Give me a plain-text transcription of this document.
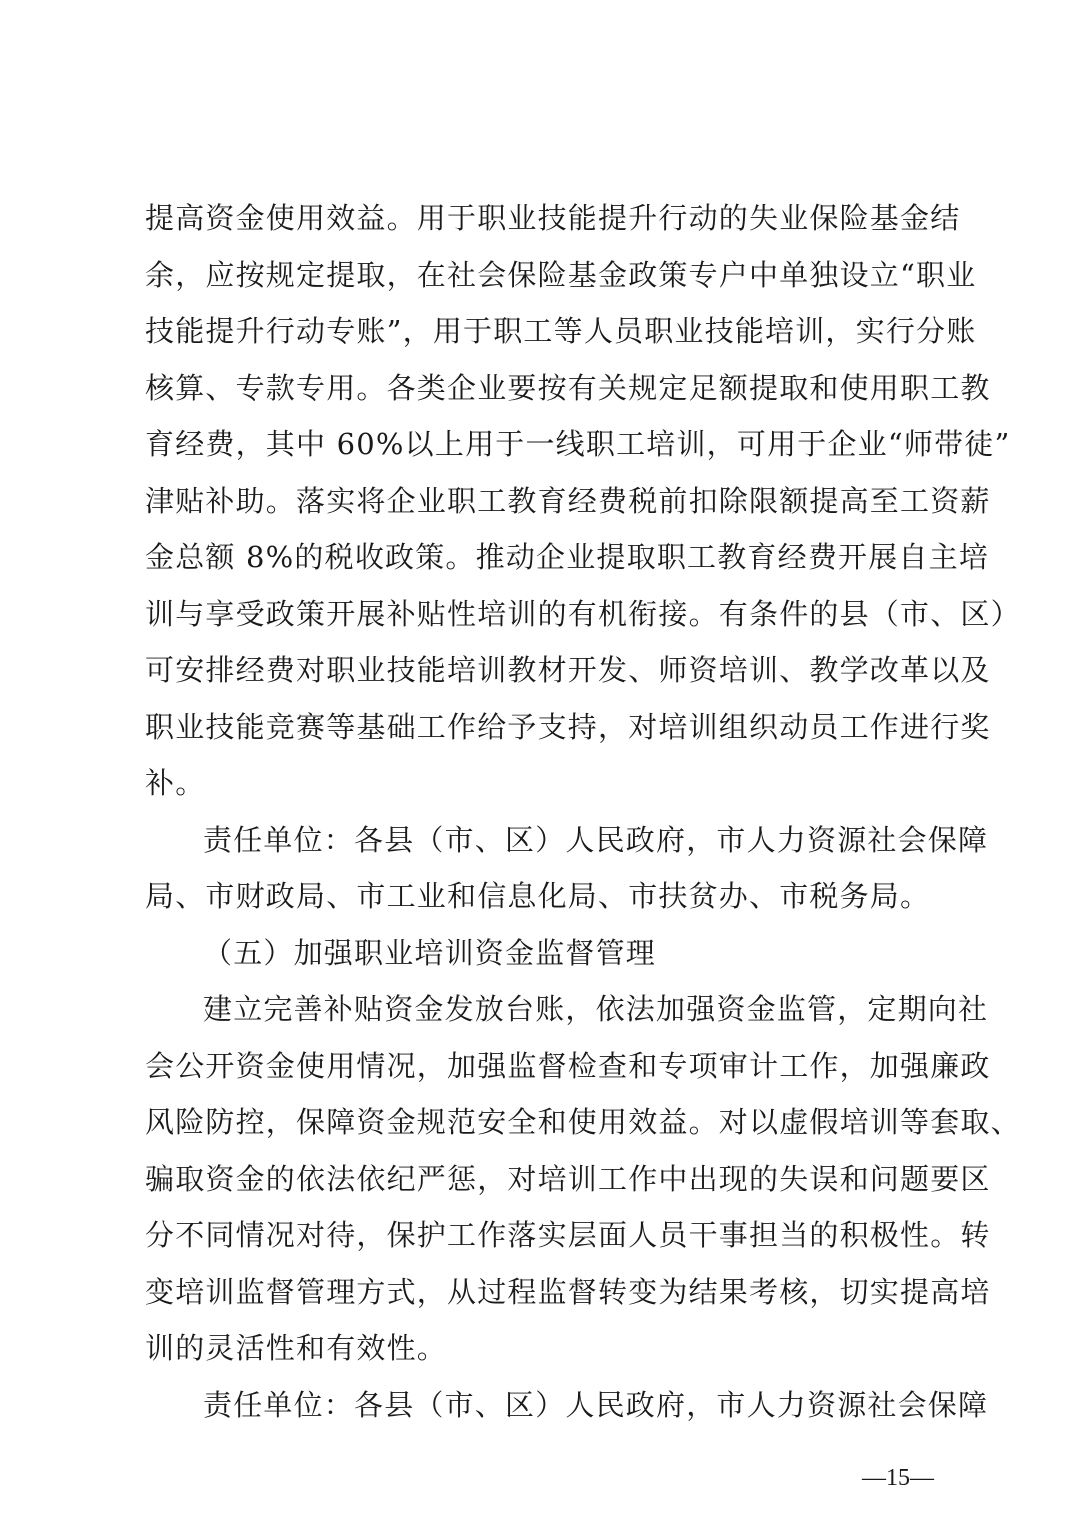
提高资金使用效益。用于职业技能提升行动的失业保险基金结
余，应按规定提取，在社会保险基金政策专户中单独设立“职业
技能提升行动专账”，用于职工等人员职业技能培训，实行分账
核算、专款专用。各类企业要按有关规定足额提取和使用职工教
育经费，其中 60%以上用于一线职工培训，可用于企业“师带徒”
津贴补助。落实将企业职工教育经费税前扣除限额提高至工资薪
金总额 8%的税收政策。推动企业提取职工教育经费开展自主培
训与享受政策开展补贴性培训的有机衔接。有条件的县（市、区）
可安排经费对职业技能培训教材开发、师资培训、教学改革以及
职业技能竞赛等基础工作给予支持，对培训组织动员工作进行奖
补。
责任单位：各县（市、区）人民政府，市人力资源社会保障
局、市财政局、市工业和信息化局、市扶贫办、市税务局。
（五）加强职业培训资金监督管理
建立完善补贴资金发放台账，依法加强资金监管，定期向社
会公开资金使用情况，加强监督检查和专项审计工作，加强廉政
风险防控，保障资金规范安全和使用效益。对以虚假培训等套取、
骗取资金的依法依纪严惩，对培训工作中出现的失误和问题要区
分不同情况对待，保护工作落实层面人员干事担当的积极性。转
变培训监督管理方式，从过程监督转变为结果考核，切实提高培
训的灵活性和有效性。
责任单位：各县（市、区）人民政府，市人力资源社会保障
—15—
